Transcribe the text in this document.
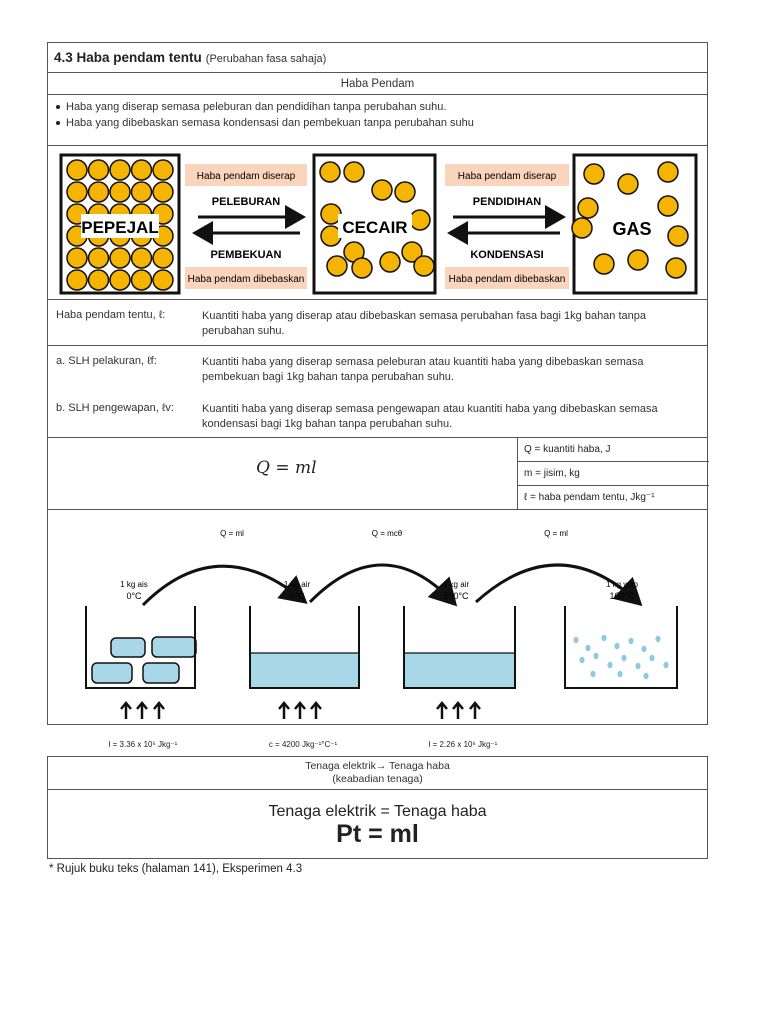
4.3 Haba pendam tentu (Perubahan fasa sahaja)
Haba Pendam
Haba yang diserap semasa peleburan dan pendidihan tanpa perubahan suhu.
Haba yang dibebaskan semasa kondensasi dan pembekuan tanpa perubahan suhu
PEPEJAL	CECAIR	GAS
Haba pendam diserap
PELEBURAN
PEMBEKUAN
Haba pendam dibebaskan
Haba pendam diserap
PENDIDIHAN
KONDENSASI
Haba pendam dibebaskan
Haba pendam tentu, ℓ:	Kuantiti haba yang diserap atau dibebaskan semasa perubahan fasa bagi 1kg bahan tanpa perubahan suhu.
a. SLH pelakuran, ℓf:	Kuantiti haba yang diserap semasa peleburan atau kuantiti haba yang dibebaskan semasa pembekuan bagi 1kg bahan tanpa perubahan suhu.
b. SLH pengewapan, ℓv:	Kuantiti haba yang diserap semasa pengewapan atau kuantiti haba yang dibebaskan semasa kondensasi bagi 1kg bahan tanpa perubahan suhu.
Q = ml
Q = kuantiti haba, J
m = jisim, kg
ℓ = haba pendam tentu, Jkg⁻¹
Q = ml	Q = mcθ	Q = ml
1 kg ais
0°C
1 kg air
0°C
1 kg air
100°C
1 kg wap
100°C
l = 3.36 x 10⁵ Jkg⁻¹	c = 4200 Jkg⁻¹°C⁻¹	l = 2.26 x 10⁶ Jkg⁻¹
Tenaga elektrik→ Tenaga haba
(keabadian tenaga)
Tenaga elektrik = Tenaga haba
Pt = ml
* Rujuk buku teks (halaman 141), Eksperimen 4.3
